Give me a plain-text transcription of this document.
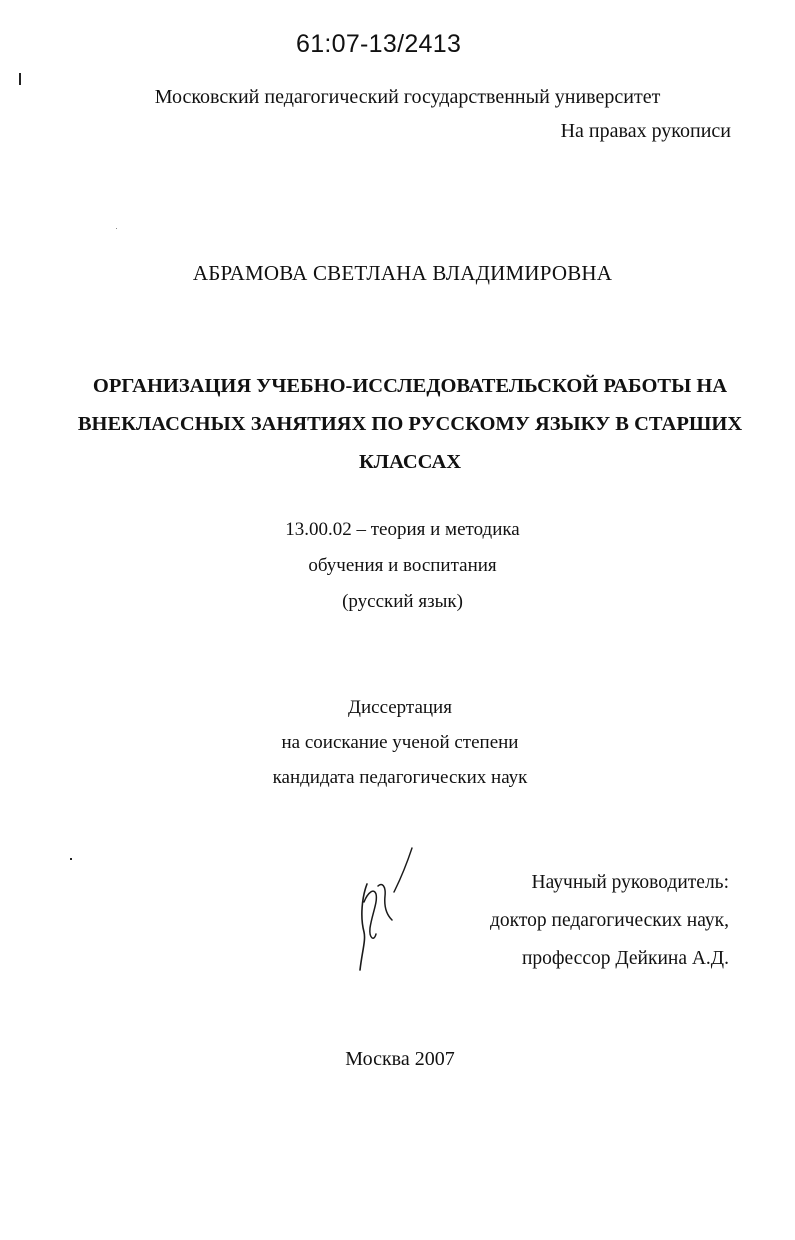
61:07-13/2413
Московский педагогический государственный университет
На правах рукописи
АБРАМОВА СВЕТЛАНА ВЛАДИМИРОВНА
ОРГАНИЗАЦИЯ УЧЕБНО-ИССЛЕДОВАТЕЛЬСКОЙ РАБОТЫ НА
ВНЕКЛАССНЫХ ЗАНЯТИЯХ ПО РУССКОМУ ЯЗЫКУ В СТАРШИХ
КЛАССАХ
13.00.02 – теория и методика
обучения и воспитания
(русский язык)
Диссертация
на соискание ученой степени
кандидата педагогических наук
Научный руководитель:
доктор педагогических наук,
профессор Дейкина А.Д.
Москва 2007
